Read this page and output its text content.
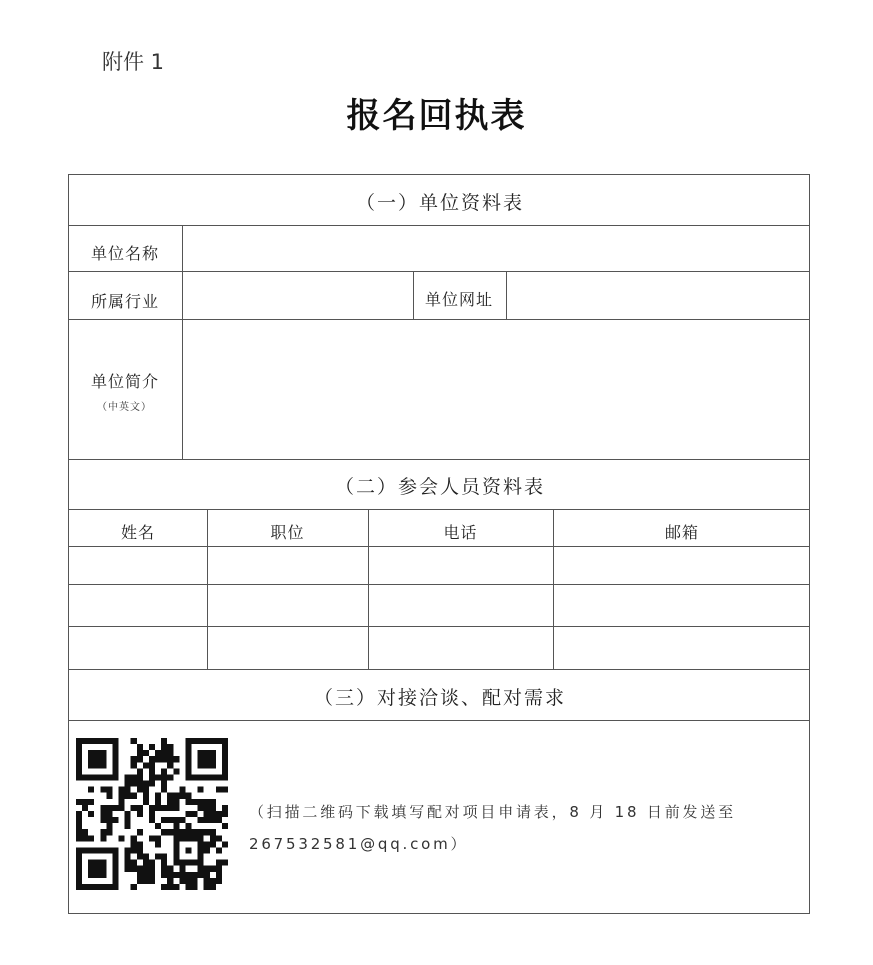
附件 1
报名回执表
（一）单位资料表
单位名称
所属行业	单位网址
单位简介
（中英文）
（二）参会人员资料表
姓名	职位	电话	邮箱
（三）对接洽谈、配对需求
（扫描二维码下载填写配对项目申请表，8 月 18 日前发送至
267532581@qq.com）
